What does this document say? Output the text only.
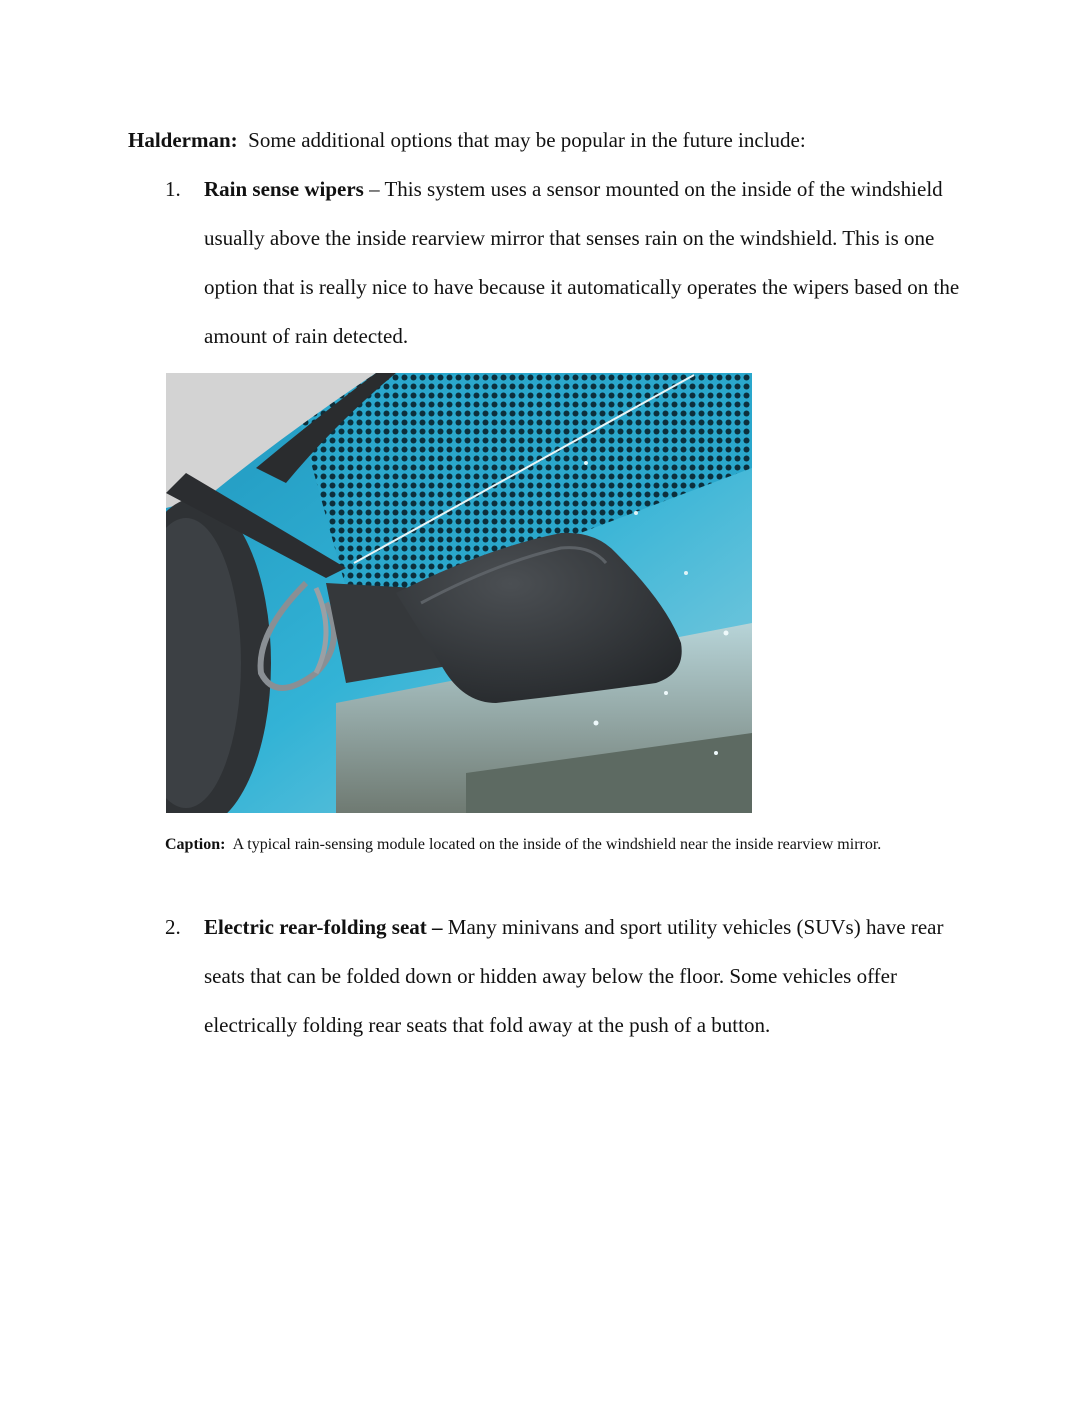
Halderman: Some additional options that may be popular in the future include:

1. Rain sense wipers – This system uses a sensor mounted on the inside of the windshield usually above the inside rearview mirror that senses rain on the windshield. This is one option that is really nice to have because it automatically operates the wipers based on the amount of rain detected.

Caption: A typical rain-sensing module located on the inside of the windshield near the inside rearview mirror.

2. Electric rear-folding seat – Many minivans and sport utility vehicles (SUVs) have rear seats that can be folded down or hidden away below the floor. Some vehicles offer electrically folding rear seats that fold away at the push of a button.
